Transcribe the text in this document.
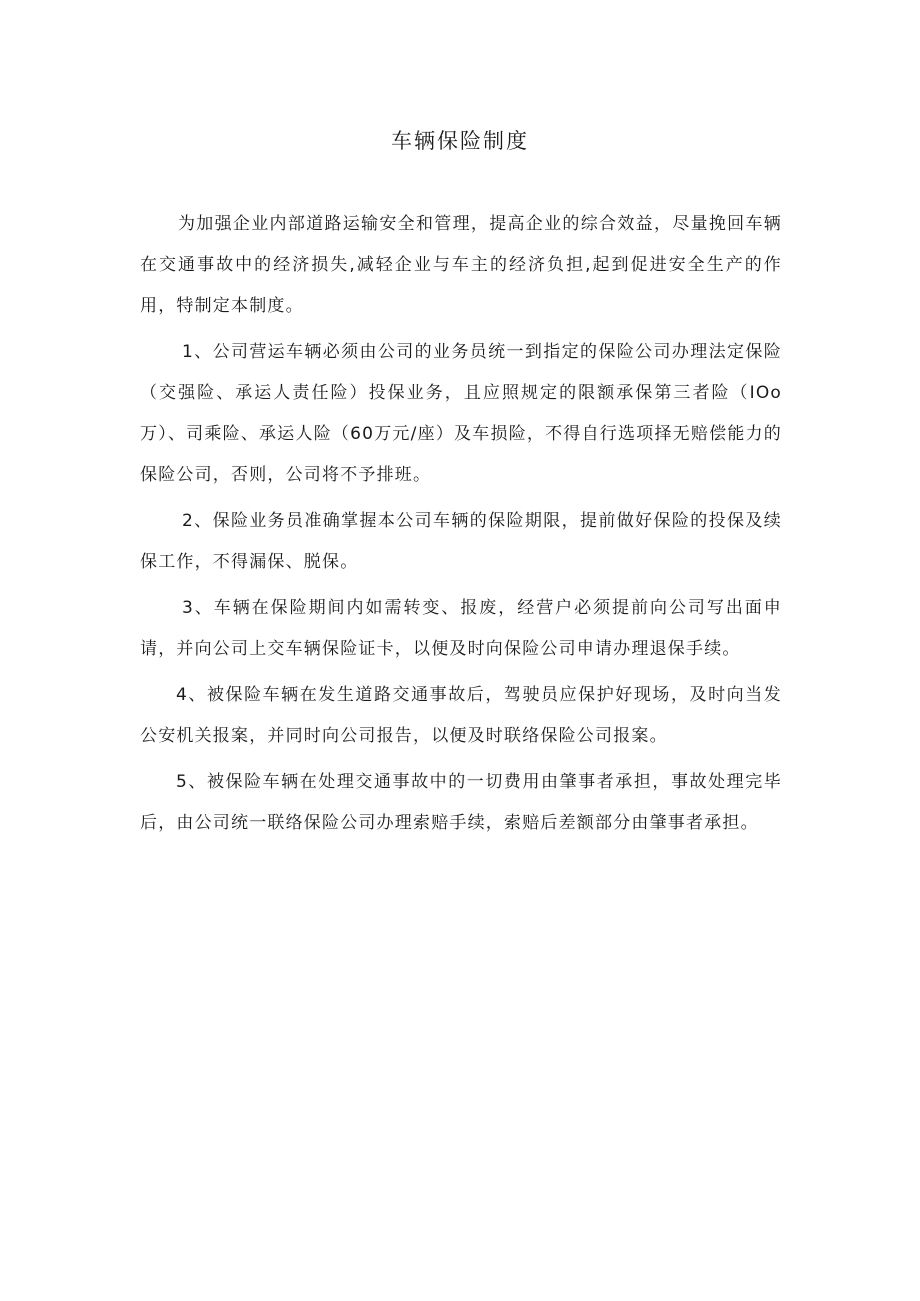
车辆保险制度

为加强企业内部道路运输安全和管理，提高企业的综合效益，尽量挽回车辆在交通事故中的经济损失,减轻企业与车主的经济负担,起到促进安全生产的作用，特制定本制度。

1、公司营运车辆必须由公司的业务员统一到指定的保险公司办理法定保险（交强险、承运人责任险）投保业务，且应照规定的限额承保第三者险（IOo万）、司乘险、承运人险（60万元/座）及车损险，不得自行选项择无赔偿能力的保险公司，否则，公司将不予排班。

2、保险业务员准确掌握本公司车辆的保险期限，提前做好保险的投保及续保工作，不得漏保、脱保。

3、车辆在保险期间内如需转变、报废，经营户必须提前向公司写出面申请，并向公司上交车辆保险证卡，以便及时向保险公司申请办理退保手续。

4、被保险车辆在发生道路交通事故后，驾驶员应保护好现场，及时向当发公安机关报案，并同时向公司报告，以便及时联络保险公司报案。

5、被保险车辆在处理交通事故中的一切费用由肇事者承担，事故处理完毕后，由公司统一联络保险公司办理索赔手续，索赔后差额部分由肇事者承担。
